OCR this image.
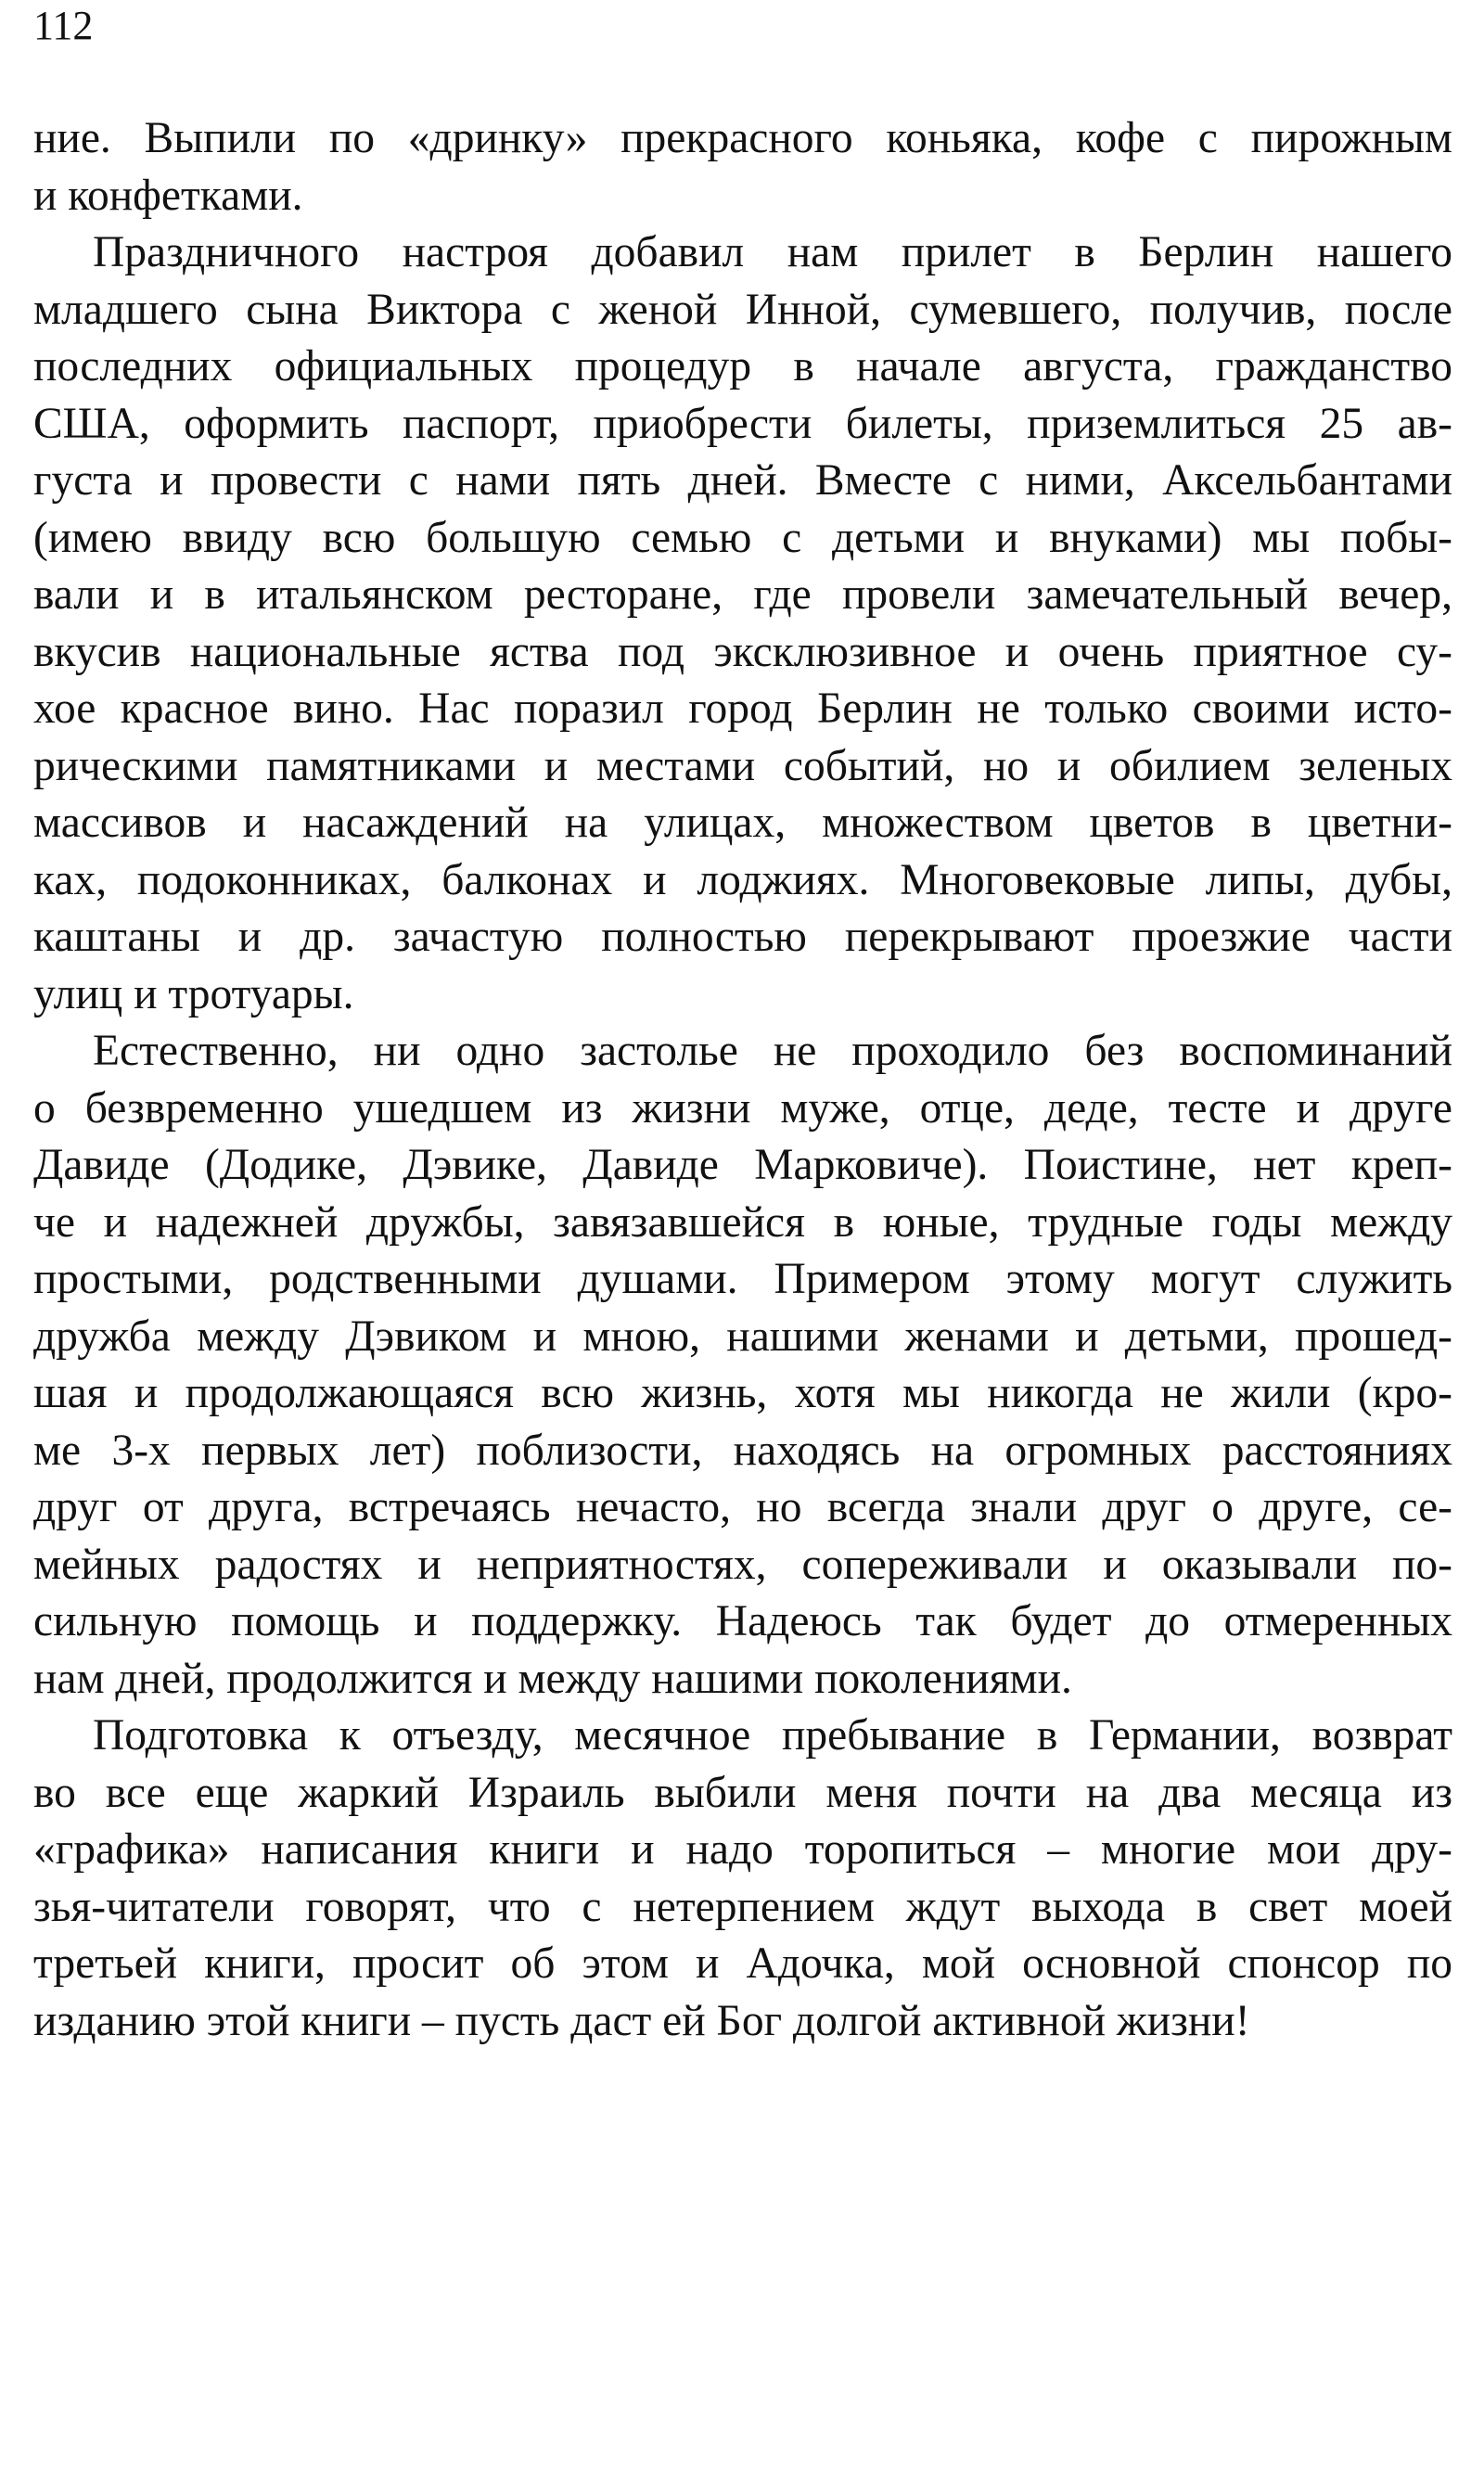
112
ние. Выпили по «дринку» прекрасного коньяка, кофе с пирожным
и конфетками.
Праздничного настроя добавил нам прилет в Берлин нашего
младшего сына Виктора с женой Инной, сумевшего, получив, после
последних официальных процедур в начале августа, гражданство
США, оформить паспорт, приобрести билеты, приземлиться 25 ав-
густа и провести с нами пять дней. Вместе с ними, Аксельбантами
(имею ввиду всю большую семью с детьми и внуками) мы побы-
вали и в итальянском ресторане, где провели замечательный вечер,
вкусив национальные яства под эксклюзивное и очень приятное су-
хое красное вино. Нас поразил город Берлин не только своими исто-
рическими памятниками и местами событий, но и обилием зеленых
массивов и насаждений на улицах, множеством цветов в цветни-
ках, подоконниках, балконах и лоджиях. Многовековые липы, дубы,
каштаны и др. зачастую полностью перекрывают проезжие части
улиц и тротуары.
Естественно, ни одно застолье не проходило без воспоминаний
о безвременно ушедшем из жизни муже, отце, деде, тесте и друге
Давиде (Додике, Дэвике, Давиде Марковиче). Поистине, нет креп-
че и надежней дружбы, завязавшейся в юные, трудные годы между
простыми, родственными душами. Примером этому могут служить
дружба между Дэвиком и мною, нашими женами и детьми, прошед-
шая и продолжающаяся всю жизнь, хотя мы никогда не жили (кро-
ме 3-х первых лет) поблизости, находясь на огромных расстояниях
друг от друга, встречаясь нечасто, но всегда знали друг о друге, се-
мейных радостях и неприятностях, сопереживали и оказывали по-
сильную помощь и поддержку. Надеюсь так будет до отмеренных
нам дней, продолжится и между нашими поколениями.
Подготовка к отъезду, месячное пребывание в Германии, возврат
во все еще жаркий Израиль выбили меня почти на два месяца из
«графика» написания книги и надо торопиться – многие мои дру-
зья-читатели говорят, что с нетерпением ждут выхода в свет моей
третьей книги, просит об этом и Адочка, мой основной спонсор по
изданию этой книги – пусть даст ей Бог долгой активной жизни!
